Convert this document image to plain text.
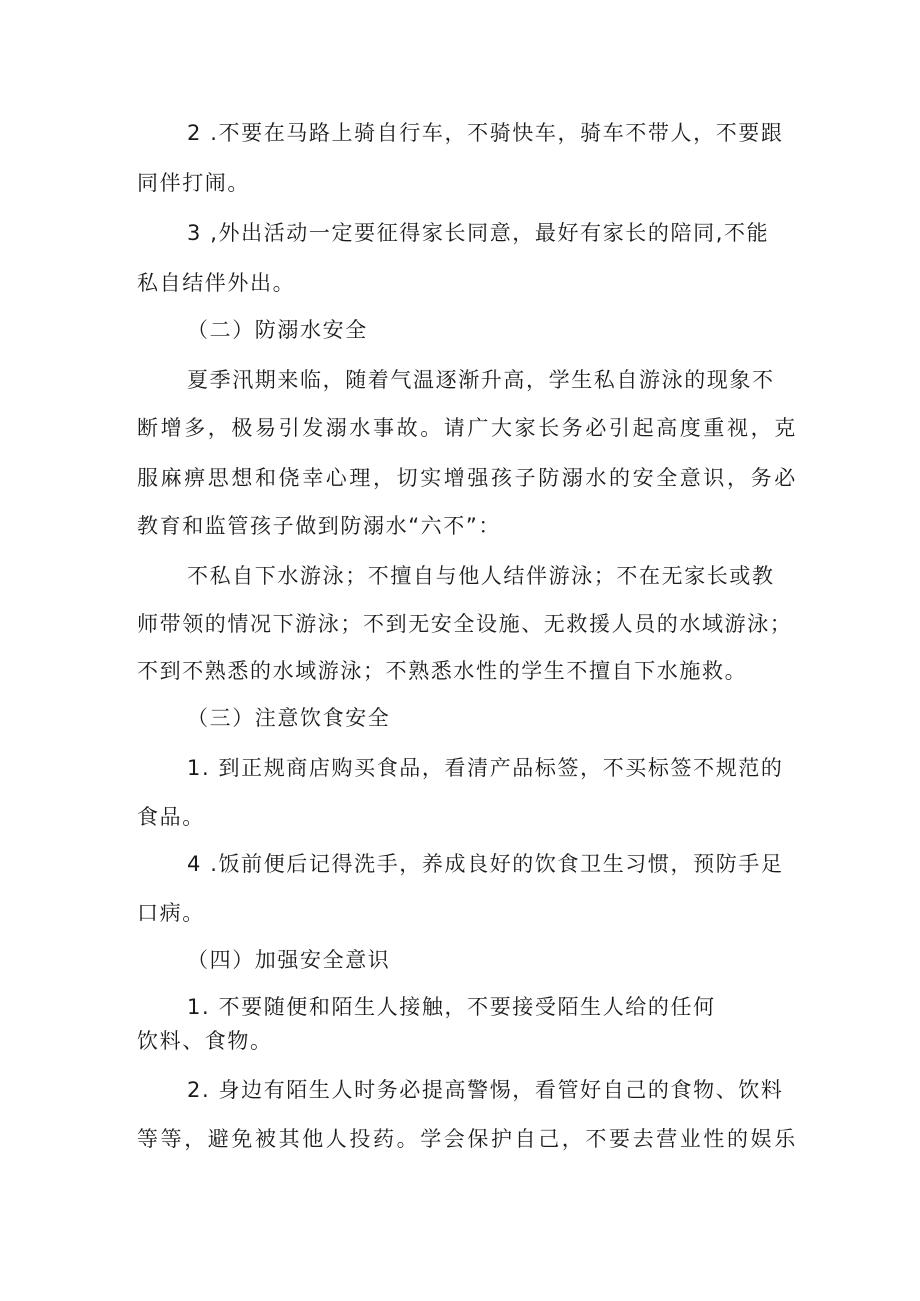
2 .不要在马路上骑自行车，不骑快车，骑车不带人，不要跟
同伴打闹。
3 ,外出活动一定要征得家长同意，最好有家长的陪同,不能
私自结伴外出。
（二）防溺水安全
夏季汛期来临，随着气温逐渐升高，学生私自游泳的现象不
断增多，极易引发溺水事故。请广大家长务必引起高度重视，克
服麻痹思想和侥幸心理，切实增强孩子防溺水的安全意识，务必
教育和监管孩子做到防溺水“六不”：
不私自下水游泳；不擅自与他人结伴游泳；不在无家长或教
师带领的情况下游泳；不到无安全设施、无救援人员的水域游泳；
不到不熟悉的水域游泳；不熟悉水性的学生不擅自下水施救。
（三）注意饮食安全
1. 到正规商店购买食品，看清产品标签，不买标签不规范的
食品。
4 .饭前便后记得洗手，养成良好的饮食卫生习惯，预防手足
口病。
（四）加强安全意识
1. 不要随便和陌生人接触，不要接受陌生人给的任何
饮料、食物。
2. 身边有陌生人时务必提高警惕，看管好自己的食物、饮料
等等，避免被其他人投药。学会保护自己，不要去营业性的娱乐
